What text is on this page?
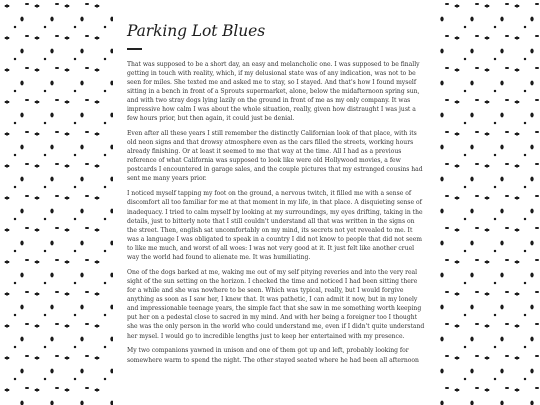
Parking Lot Blues

That was supposed to be a short day, an easy and melancholic one. I was supposed to be finally getting in touch with reality, which, if my delusional state was of any indication, was not to be seen for miles. She texted me and asked me to stay, so I stayed. And that's how I found myself sitting in a bench in front of a Sprouts supermarket, alone, below the midafternoon spring sun, and with two stray dogs lying lazily on the ground in front of me as my only company. It was impressive how calm I was about the whole situation, really, given how distraught I was just a few hours prior, but then again, it could just be denial.

Even after all these years I still remember the distinctly Californian look of that place, with its old neon signs and that drowsy atmosphere even as the cars filled the streets, working hours already finishing. Or at least it seemed to me that way at the time. All I had as a previous reference of what California was supposed to look like were old Hollywood movies, a few postcards I encountered in garage sales, and the couple pictures that my estranged cousins had sent me many years prior.

I noticed myself tapping my foot on the ground, a nervous twitch, it filled me with a sense of discomfort all too familiar for me at that moment in my life, in that place. A disquieting sense of inadequacy. I tried to calm myself by looking at my surroundings, my eyes drifting, taking in the details, just to bitterly note that I still couldn't understand all that was written in the signs on the street. Then, english sat uncomfortably on my mind, its secrets not yet revealed to me. It was a language I was obligated to speak in a country I did not know to people that did not seem to like me much, and worst of all woes: I was not very good at it. It just felt like another cruel way the world had found to alienate me. It was humiliating.

One of the dogs barked at me, waking me out of my self pitying reveries and into the very real sight of the sun setting on the horizon. I checked the time and noticed I had been sitting there for a while and she was nowhere to be seen. Which was typical, really, but I would forgive anything as soon as I saw her, I knew that. It was pathetic, I can admit it now, but in my lonely and impressionable teenage years, the simple fact that she saw in me something worth keeping put her on a pedestal close to sacred in my mind. And with her being a foreigner too I thought she was the only person in the world who could understand me, even if I didn't quite understand her mysel. I would go to incredible lengths just to keep her entertained with my presence.

My two companions yawned in unison and one of them got up and left, probably looking for somewhere warm to spend the night. The other stayed seated where he had been all afternoon
